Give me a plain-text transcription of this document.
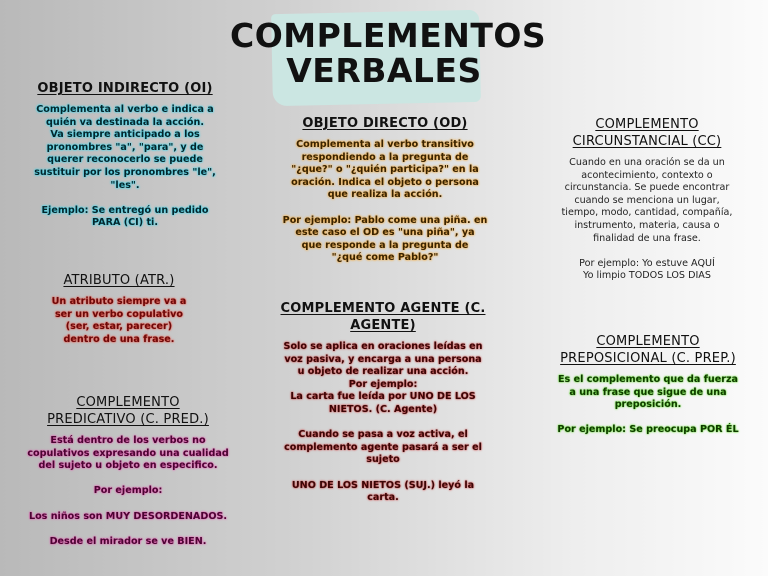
COMPLEMENTOS
VERBALES
OBJETO INDIRECTO (OI)
Complementa al verbo e indica a
quién va destinada la acción.
Va siempre anticipado a los
pronombres "a", "para", y de
querer reconocerlo se puede
sustituir por los pronombres "le",
"les".

Ejemplo: Se entregó un pedido
PARA (CI) ti.
OBJETO DIRECTO (OD)
Complementa al verbo transitivo
respondiendo a la pregunta de
"¿que?" o "¿quién participa?" en la
oración. Indica el objeto o persona
que realiza la acción.

Por ejemplo: Pablo come una piña. en
este caso el OD es "una piña", ya
que responde a la pregunta de
"¿qué come Pablo?"
COMPLEMENTO
CIRCUNSTANCIAL (CC)
Cuando en una oración se da un
acontecimiento, contexto o
circunstancia. Se puede encontrar
cuando se menciona un lugar,
tiempo, modo, cantidad, compañía,
instrumento, materia, causa o
finalidad de una frase.

Por ejemplo: Yo estuve AQUÍ
Yo limpio TODOS LOS DIAS
ATRIBUTO (ATR.)
Un atributo siempre va a
ser un verbo copulativo
(ser, estar, parecer)
dentro de una frase.
COMPLEMENTO AGENTE (C.
AGENTE)
Solo se aplica en oraciones leídas en
voz pasiva, y encarga a una persona
u objeto de realizar una acción.
Por ejemplo:
La carta fue leída por UNO DE LOS
NIETOS. (C. Agente)

Cuando se pasa a voz activa, el
complemento agente pasará a ser el
sujeto

UNO DE LOS NIETOS (SUJ.) leyó la
carta.
COMPLEMENTO
PREPOSICIONAL (C. PREP.)
Es el complemento que da fuerza
a una frase que sigue de una
preposición.

Por ejemplo: Se preocupa POR ÉL
COMPLEMENTO
PREDICATIVO (C. PRED.)
Está dentro de los verbos no
copulativos expresando una cualidad
del sujeto u objeto en especifico.

Por ejemplo:

Los niños son MUY DESORDENADOS.

Desde el mirador se ve BIEN.
